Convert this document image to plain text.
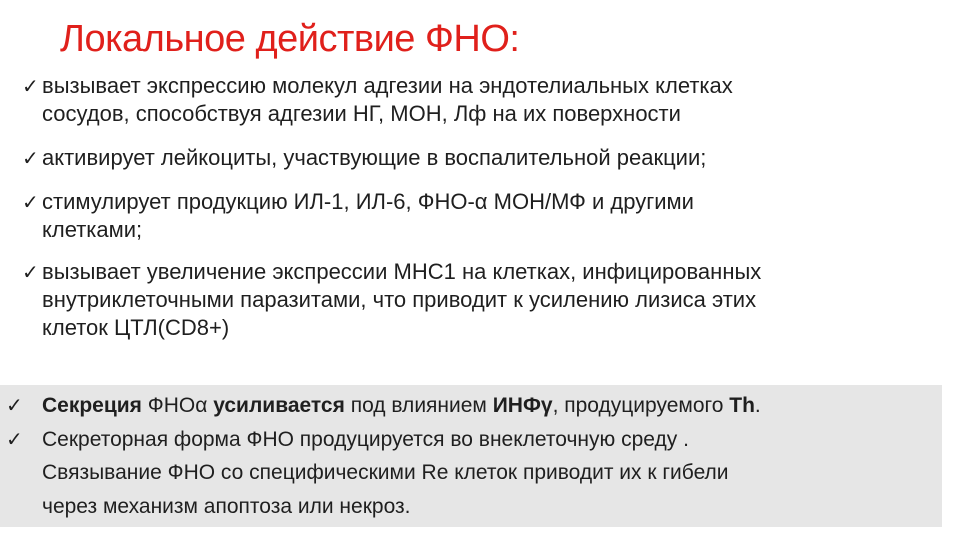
Локальное действие ФНО:
✓ вызывает экспрессию молекул адгезии на эндотелиальных клетках
сосудов, способствуя адгезии НГ, МОН, Лф на их поверхности
✓ активирует лейкоциты, участвующие в воспалительной реакции;
✓ стимулирует продукцию ИЛ-1, ИЛ-6, ФНО-α МОН/МФ и другими
клетками;
✓ вызывает увеличение экспрессии МНС1 на клетках, инфицированных
внутриклеточными паразитами, что приводит к усилению лизиса этих
клеток ЦТЛ(CD8+)
✓ Секреция ФНОα усиливается под влиянием ИНФγ, продуцируемого Th.
✓ Секреторная форма ФНО продуцируется во внеклеточную среду .
Связывание ФНО со специфическими Re клеток приводит их к гибели
через механизм апоптоза или некроз.
